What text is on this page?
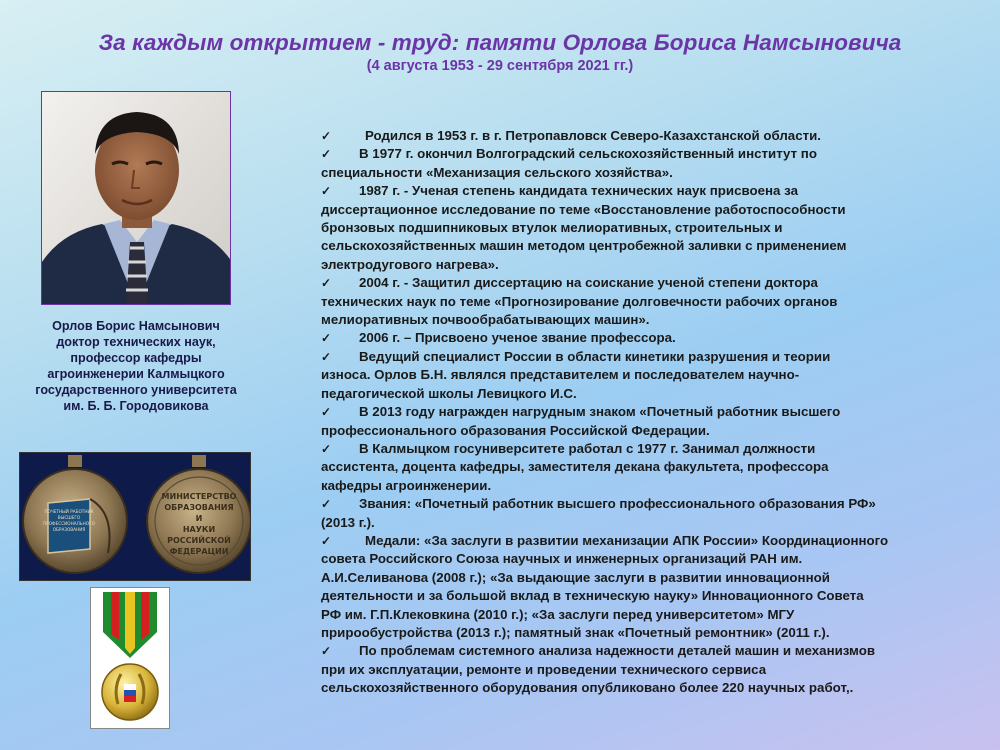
За каждым открытием - труд: памяти Орлова Бориса Намсыновича
(4 августа 1953 - 29 сентября 2021 гг.)
Орлов Борис Намсынович
доктор технических наук,
профессор кафедры
агроинженерии Калмыцкого
государственного университета
им. Б. Б. Городовикова
ПОЧЕТНЫЙ РАБОТНИК
ВЫСШЕГО
ПРОФЕССИОНАЛЬНОГО
ОБРАЗОВАНИЯ
МИНИСТЕРСТВО
ОБРАЗОВАНИЯ
И
НАУКИ
РОССИЙСКОЙ
ФЕДЕРАЦИИ

✓	Родился в 1953 г. в г. Петропавловск Северо-Казахстанской области.

✓ В 1977 г. окончил Волгоградский сельскохозяйственный институт по

специальности «Механизация сельского хозяйства».

✓ 1987 г. - Ученая степень кандидата технических наук присвоена за

диссертационное исследование по теме «Восстановление работоспособности

бронзовых подшипниковых втулок мелиоративных, строительных и

сельскохозяйственных машин методом центробежной заливки с применением

электродугового нагрева».

✓ 2004 г. - Защитил диссертацию на соискание ученой степени доктора

технических наук по теме «Прогнозирование долговечности рабочих органов

мелиоративных почвообрабатывающих машин».

✓ 2006 г. – Присвоено ученое звание профессора.

✓ Ведущий специалист России в области кинетики разрушения и теории

износа. Орлов Б.Н. являлся представителем и последователем научно-

педагогической школы Левицкого И.С.

✓ В 2013 году награжден нагрудным знаком «Почетный работник высшего

профессионального образования Российской Федерации.

✓ В Калмыцком госуниверситете работал с 1977 г. Занимал должности

ассистента, доцента кафедры, заместителя декана факультета, профессора

кафедры агроинженерии.

✓ Звания: «Почетный работник высшего профессионального образования РФ»

(2013 г.).

✓	Медали: «За заслуги в развитии механизации АПК России» Координационного

совета Российского Союза научных и инженерных организаций РАН им.

А.И.Селиванова (2008 г.); «За выдающие заслуги в развитии инновационной

деятельности и за большой вклад в техническую науку» Инновационного Совета

РФ им. Г.П.Клековкина (2010 г.); «За заслуги перед университетом» МГУ

прирообустройства (2013 г.); памятный знак «Почетный ремонтник» (2011 г.).

✓ По проблемам системного анализа надежности деталей машин и механизмов

при их эксплуатации, ремонте и проведении технического сервиса

сельскохозяйственного оборудования опубликовано более 220 научных работ,.
